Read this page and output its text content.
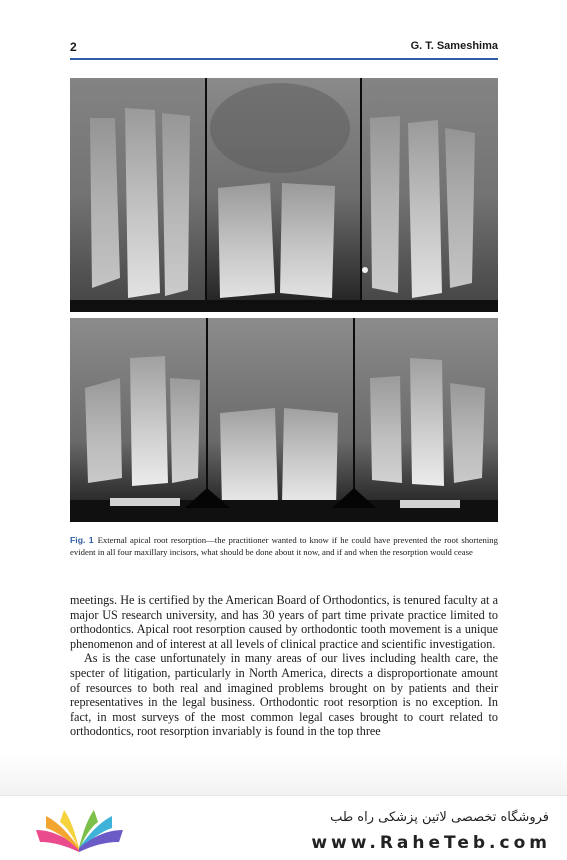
2	G. T. Sameshima
Fig. 1 External apical root resorption—the practitioner wanted to know if he could have prevented the root shortening evident in all four maxillary incisors, what should be done about it now, and if and when the resorption would cease

meetings. He is certified by the American Board of Orthodontics, is tenured faculty at a major US research university, and has 30 years of part time private practice limited to orthodontics. Apical root resorption caused by orthodontic tooth movement is a unique phenomenon and of interest at all levels of clinical practice and scientific investigation.

As is the case unfortunately in many areas of our lives including health care, the specter of litigation, particularly in North America, directs a disproportionate amount of resources to both real and imagined problems brought on by patients and their representatives in the legal business. Orthodontic root resorption is no exception. In fact, in most surveys of the most common legal cases brought to court related to orthodontics, root resorption invariably is found in the top three

فروشگاه تخصصی لاتین پزشکی راه طب
www.RaheTeb.com
